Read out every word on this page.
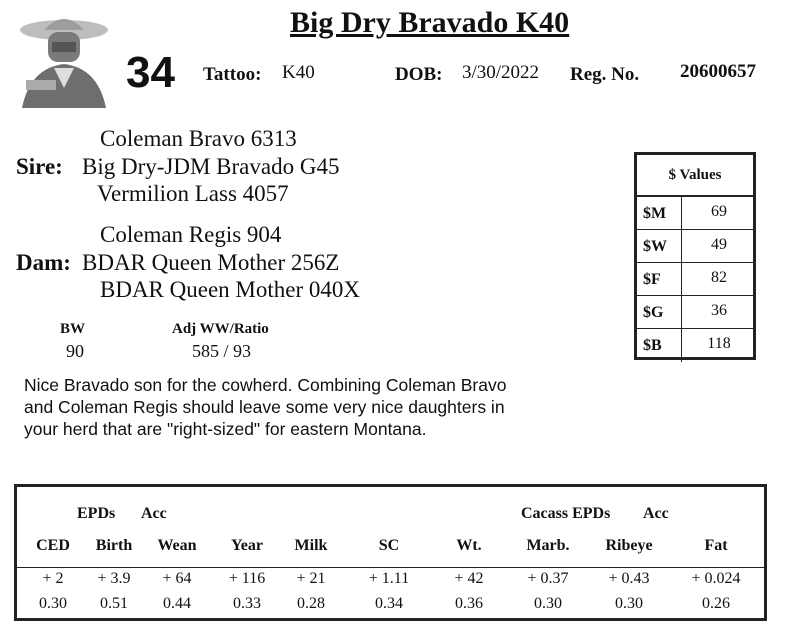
Big Dry Bravado K40
34 Tattoo: K40	DOB: 3/30/2022 Reg. No. 20600657
Coleman Bravo 6313
Sire: Big Dry-JDM Bravado G45
Vermilion Lass 4057
Coleman Regis 904
Dam: BDAR Queen Mother 256Z
BDAR Queen Mother 040X
BW
90
Adj WW/Ratio
585 / 93
Nice Bravado son for the cowherd. Combining Coleman Bravo and Coleman Regis should leave some very nice daughters in your herd that are "right-sized" for eastern Montana.
$ Values
$M	69
$W	49
$F	82
$G	36
$B	118
EPDs Acc	Cacass EPDs Acc
CED	Birth	Wean	Year	Milk	SC	Wt.	Marb.	Ribeye	Fat
+ 2	+ 3.9	+ 64	+ 116	+ 21	+ 1.11	+ 42	+ 0.37	+ 0.43	+ 0.024
0.30	0.51	0.44	0.33	0.28	0.34	0.36	0.30	0.30	0.26
